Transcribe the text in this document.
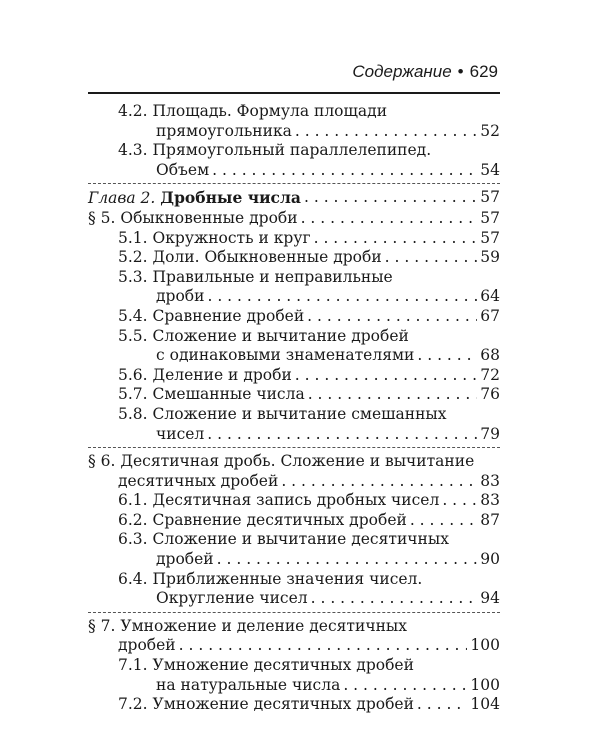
Содержание • 629
4.2. Площадь. Формула площади
прямоугольника . . .	52
4.3. Прямоугольный параллелепипед.
Объем . . .	54
Глава 2. Дробные числа . . .	57
§ 5. Обыкновенные дроби . . .	57
5.1. Окружность и круг . . .	57
5.2. Доли. Обыкновенные дроби . . .	59
5.3. Правильные и неправильные
дроби . . .	64
5.4. Сравнение дробей . . .	67
5.5. Сложение и вычитание дробей
с одинаковыми знаменателями . . .	68
5.6. Деление и дроби . . .	72
5.7. Смешанные числа . . .	76
5.8. Сложение и вычитание смешанных
чисел . . .	79
§ 6. Десятичная дробь. Сложение и вычитание
десятичных дробей . . .	83
6.1. Десятичная запись дробных чисел . . .	83
6.2. Сравнение десятичных дробей . . .	87
6.3. Сложение и вычитание десятичных
дробей . . .	90
6.4. Приближенные значения чисел.
Округление чисел . . .	94
§ 7. Умножение и деление десятичных
дробей . . .	100
7.1. Умножение десятичных дробей
на натуральные числа . . .	100
7.2. Умножение десятичных дробей . . .	104
